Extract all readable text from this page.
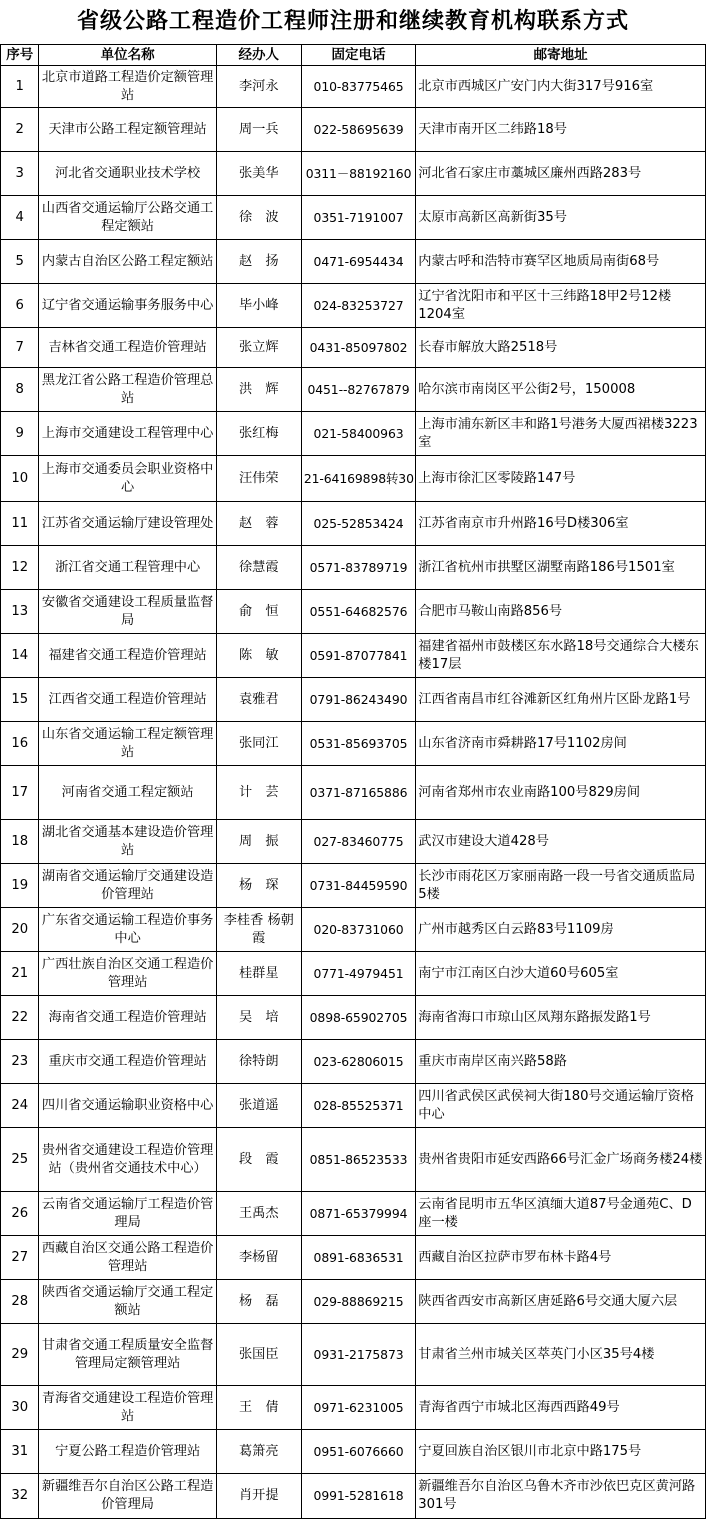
省级公路工程造价工程师注册和继续教育机构联系方式
序号	单位名称	经办人	固定电话	邮寄地址
1	北京市道路工程造价定额管理站	李河永	010-83775465	北京市西城区广安门内大街317号916室
2	天津市公路工程定额管理站	周一兵	022-58695639	天津市南开区二纬路18号
3	河北省交通职业技术学校	张美华	0311－88192160	河北省石家庄市藁城区廉州西路283号
4	山西省交通运输厅公路交通工程定额站	徐　波	0351-7191007	太原市高新区高新街35号
5	内蒙古自治区公路工程定额站	赵　扬	0471-6954434	内蒙古呼和浩特市赛罕区地质局南街68号
6	辽宁省交通运输事务服务中心	毕小峰	024-83253727	辽宁省沈阳市和平区十三纬路18甲2号12楼1204室
7	吉林省交通工程造价管理站	张立辉	0431-85097802	长春市解放大路2518号
8	黑龙江省公路工程造价管理总站	洪　辉	0451--82767879	哈尔滨市南岗区平公街2号，150008
9	上海市交通建设工程管理中心	张红梅	021-58400963	上海市浦东新区丰和路1号港务大厦西裙楼3223室
10	上海市交通委员会职业资格中心	汪伟荣	21-64169898转30	上海市徐汇区零陵路147号
11	江苏省交通运输厅建设管理处	赵　蓉	025-52853424	江苏省南京市升州路16号D楼306室
12	浙江省交通工程管理中心	徐慧霞	0571-83789719	浙江省杭州市拱墅区湖墅南路186号1501室
13	安徽省交通建设工程质量监督局	俞　恒	0551-64682576	合肥市马鞍山南路856号
14	福建省交通工程造价管理站	陈　敏	0591-87077841	福建省福州市鼓楼区东水路18号交通综合大楼东楼17层
15	江西省交通工程造价管理站	袁雅君	0791-86243490	江西省南昌市红谷滩新区红角州片区卧龙路1号
16	山东省交通运输工程定额管理站	张同江	0531-85693705	山东省济南市舜耕路17号1102房间
17	河南省交通工程定额站	计　芸	0371-87165886	河南省郑州市农业南路100号829房间
18	湖北省交通基本建设造价管理站	周　振	027-83460775	武汉市建设大道428号
19	湖南省交通运输厅交通建设造价管理站	杨　琛	0731-84459590	长沙市雨花区万家丽南路一段一号省交通质监局5楼
20	广东省交通运输工程造价事务中心	李桂香 杨朝霞	020-83731060	广州市越秀区白云路83号1109房
21	广西壮族自治区交通工程造价管理站	桂群星	0771-4979451	南宁市江南区白沙大道60号605室
22	海南省交通工程造价管理站	吴　培	0898-65902705	海南省海口市琼山区凤翔东路振发路1号
23	重庆市交通工程造价管理站	徐特朗	023-62806015	重庆市南岸区南兴路58路
24	四川省交通运输职业资格中心	张道遥	028-85525371	四川省武侯区武侯祠大街180号交通运输厅资格中心
25	贵州省交通建设工程造价管理站（贵州省交通技术中心）	段　霞	0851-86523533	贵州省贵阳市延安西路66号汇金广场商务楼24楼
26	云南省交通运输厅工程造价管理局	王禹杰	0871-65379994	云南省昆明市五华区滇缅大道87号金通苑C、D座一楼
27	西藏自治区交通公路工程造价管理站	李杨留	0891-6836531	西藏自治区拉萨市罗布林卡路4号
28	陕西省交通运输厅交通工程定额站	杨　磊	029-88869215	陕西省西安市高新区唐延路6号交通大厦六层
29	甘肃省交通工程质量安全监督管理局定额管理站	张国臣	0931-2175873	甘肃省兰州市城关区萃英门小区35号4楼
30	青海省交通建设工程造价管理站	王　倩	0971-6231005	青海省西宁市城北区海西西路49号
31	宁夏公路工程造价管理站	葛箫亮	0951-6076660	宁夏回族自治区银川市北京中路175号
32	新疆维吾尔自治区公路工程造价管理局	肖开提	0991-5281618	新疆维吾尔自治区乌鲁木齐市沙依巴克区黄河路301号
